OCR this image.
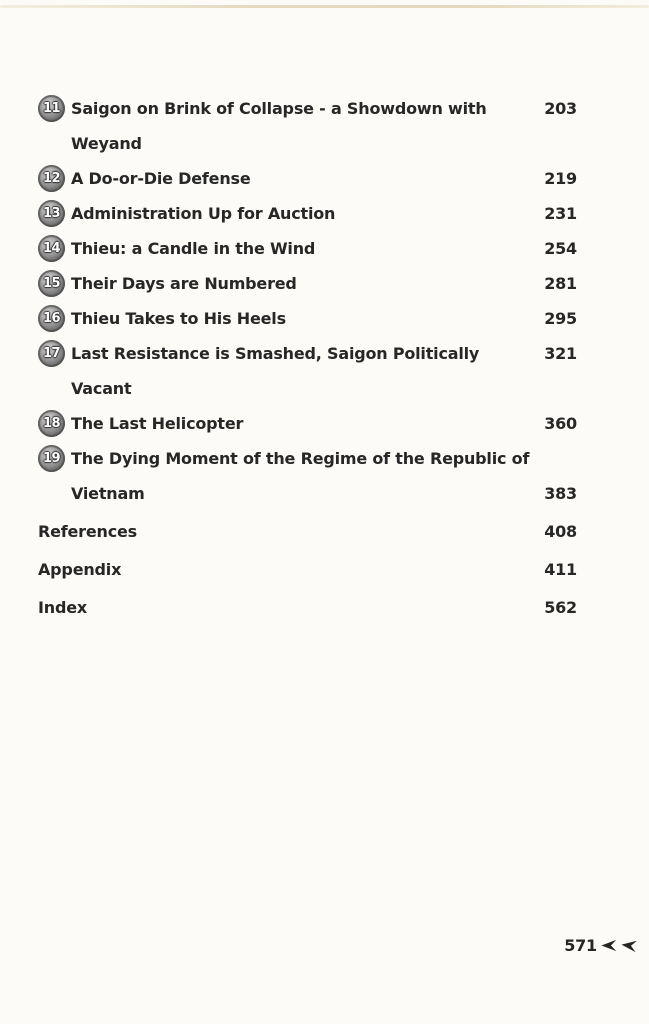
11 Saigon on Brink of Collapse - a Showdown with	203
Weyand
12 A Do-or-Die Defense	219
13 Administration Up for Auction	231
14 Thieu: a Candle in the Wind	254
15 Their Days are Numbered	281
16 Thieu Takes to His Heels	295
17 Last Resistance is Smashed, Saigon Politically	321
Vacant
18 The Last Helicopter	360
19 The Dying Moment of the Regime of the Republic of
Vietnam	383
References	408
Appendix	411
Index	562
571
